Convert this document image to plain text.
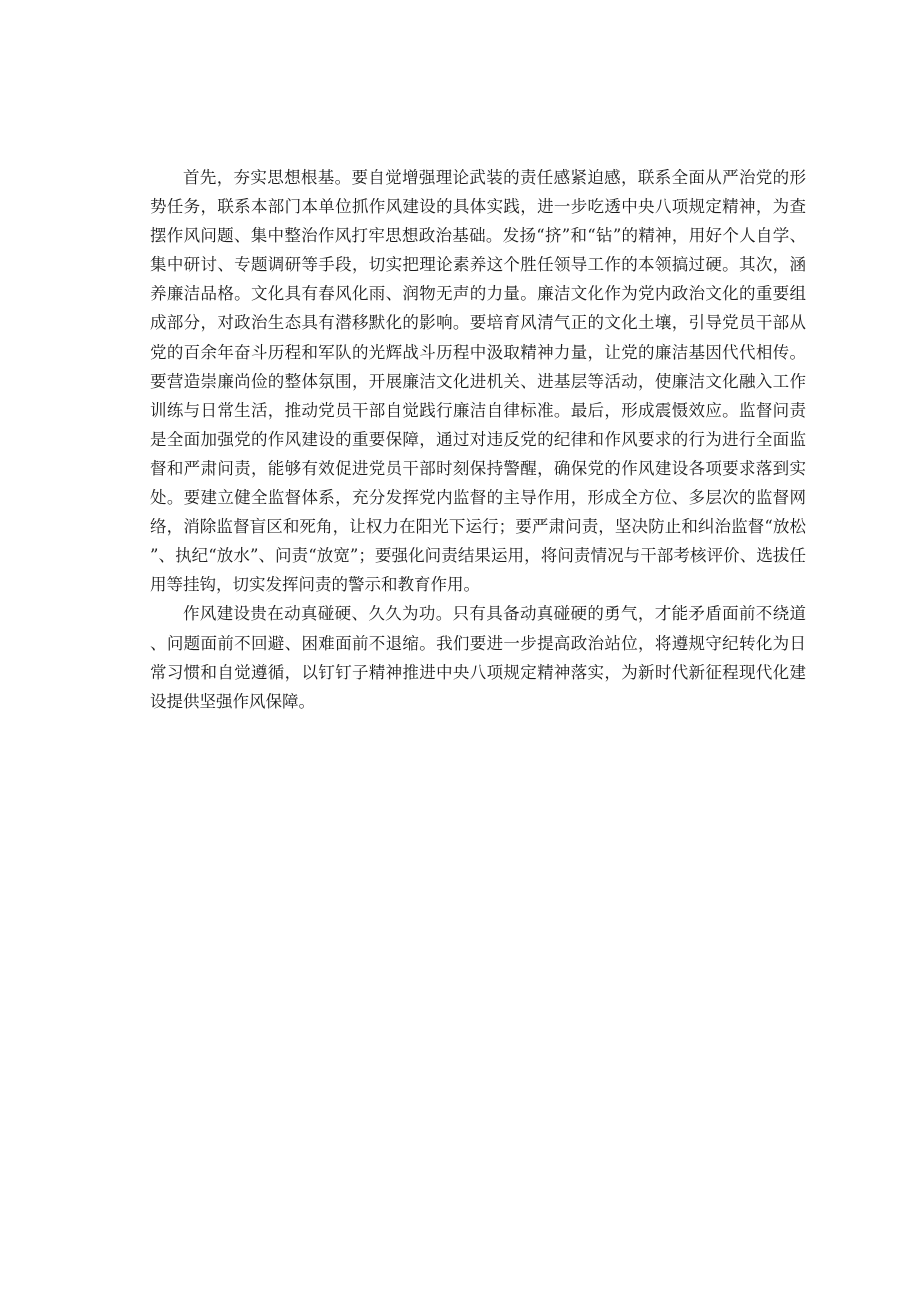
首先，夯实思想根基。要自觉增强理论武装的责任感紧迫感，联系全面从严治党的形势任务，联系本部门本单位抓作风建设的具体实践，进一步吃透中央八项规定精神，为查摆作风问题、集中整治作风打牢思想政治基础。发扬“挤”和“钻”的精神，用好个人自学、集中研讨、专题调研等手段，切实把理论素养这个胜任领导工作的本领搞过硬。其次，涵养廉洁品格。文化具有春风化雨、润物无声的力量。廉洁文化作为党内政治文化的重要组成部分，对政治生态具有潜移默化的影响。要培育风清气正的文化土壤，引导党员干部从党的百余年奋斗历程和军队的光辉战斗历程中汲取精神力量，让党的廉洁基因代代相传。要营造崇廉尚俭的整体氛围，开展廉洁文化进机关、进基层等活动，使廉洁文化融入工作训练与日常生活，推动党员干部自觉践行廉洁自律标准。最后，形成震慑效应。监督问责是全面加强党的作风建设的重要保障，通过对违反党的纪律和作风要求的行为进行全面监督和严肃问责，能够有效促进党员干部时刻保持警醒，确保党的作风建设各项要求落到实处。要建立健全监督体系，充分发挥党内监督的主导作用，形成全方位、多层次的监督网络，消除监督盲区和死角，让权力在阳光下运行；要严肃问责，坚决防止和纠治监督“放松”、执纪“放水”、问责“放宽”；要强化问责结果运用，将问责情况与干部考核评价、选拔任用等挂钩，切实发挥问责的警示和教育作用。

作风建设贵在动真碰硬、久久为功。只有具备动真碰硬的勇气，才能矛盾面前不绕道、问题面前不回避、困难面前不退缩。我们要进一步提高政治站位，将遵规守纪转化为日常习惯和自觉遵循，以钉钉子精神推进中央八项规定精神落实，为新时代新征程现代化建设提供坚强作风保障。
